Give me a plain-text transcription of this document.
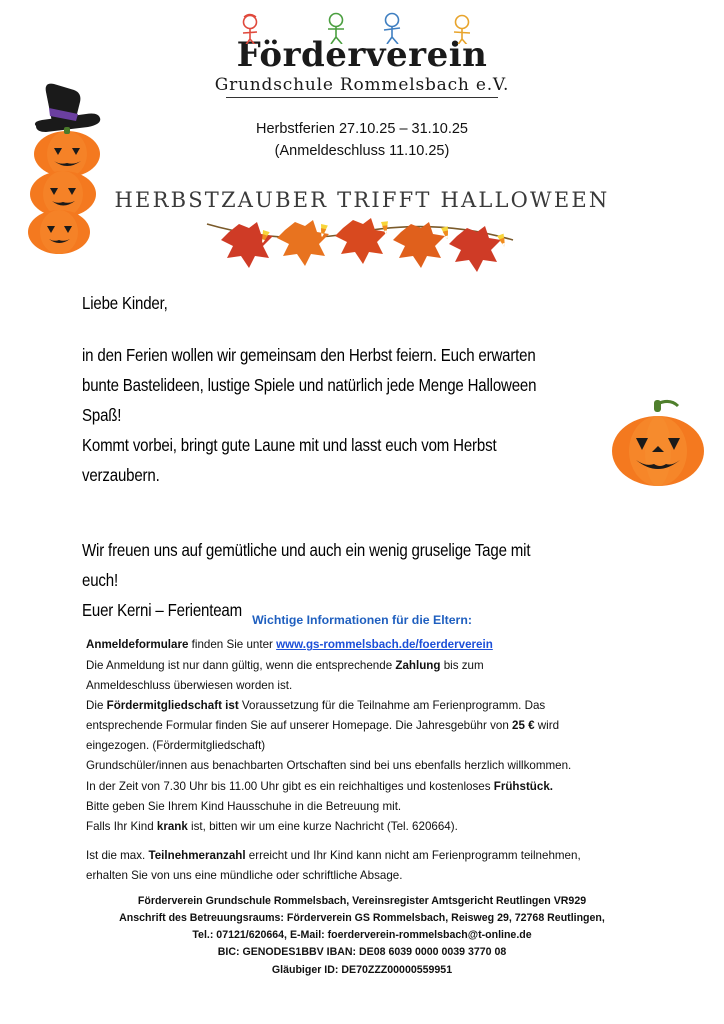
Förderverein
Grundschule Rommelsbach e.V.
Herbstferien 27.10.25 – 31.10.25
(Anmeldeschluss 11.10.25)
HERBSTZAUBER TRIFFT HALLOWEEN

Liebe Kinder,

in den Ferien wollen wir gemeinsam den Herbst feiern. Euch erwarten

bunte Bastelideen, lustige Spiele und natürlich jede Menge Halloween Spaß!

Kommt vorbei, bringt gute Laune mit und lasst euch vom Herbst

verzaubern.

Wir freuen uns auf gemütliche und auch ein wenig gruselige Tage mit euch!

Euer Kerni – Ferienteam

Wichtige Informationen für die Eltern:

Anmeldeformulare finden Sie unter www.gs-rommelsbach.de/foerderverein

Die Anmeldung ist nur dann gültig, wenn die entsprechende Zahlung bis zum

Anmeldeschluss überwiesen worden ist.

Die Fördermitgliedschaft ist Voraussetzung für die Teilnahme am Ferienprogramm. Das

entsprechende Formular finden Sie auf unserer Homepage. Die Jahresgebühr von 25 € wird

eingezogen. (Fördermitgliedschaft)

Grundschüler/innen aus benachbarten Ortschaften sind bei uns ebenfalls herzlich willkommen.

In der Zeit von 7.30 Uhr bis 11.00 Uhr gibt es ein reichhaltiges und kostenloses Frühstück.

Bitte geben Sie Ihrem Kind Hausschuhe in die Betreuung mit.

Falls Ihr Kind krank ist, bitten wir um eine kurze Nachricht (Tel. 620664).

Ist die max. Teilnehmeranzahl erreicht und Ihr Kind kann nicht am Ferienprogramm teilnehmen,

erhalten Sie von uns eine mündliche oder schriftliche Absage.

Förderverein Grundschule Rommelsbach, Vereinsregister Amtsgericht Reutlingen VR929
Anschrift des Betreuungsraums: Förderverein GS Rommelsbach, Reisweg 29, 72768 Reutlingen,
Tel.: 07121/620664, E-Mail: foerderverein-rommelsbach@t-online.de
BIC: GENODES1BBV IBAN: DE08 6039 0000 0039 3770 08
Gläubiger ID: DE70ZZZ00000559951
